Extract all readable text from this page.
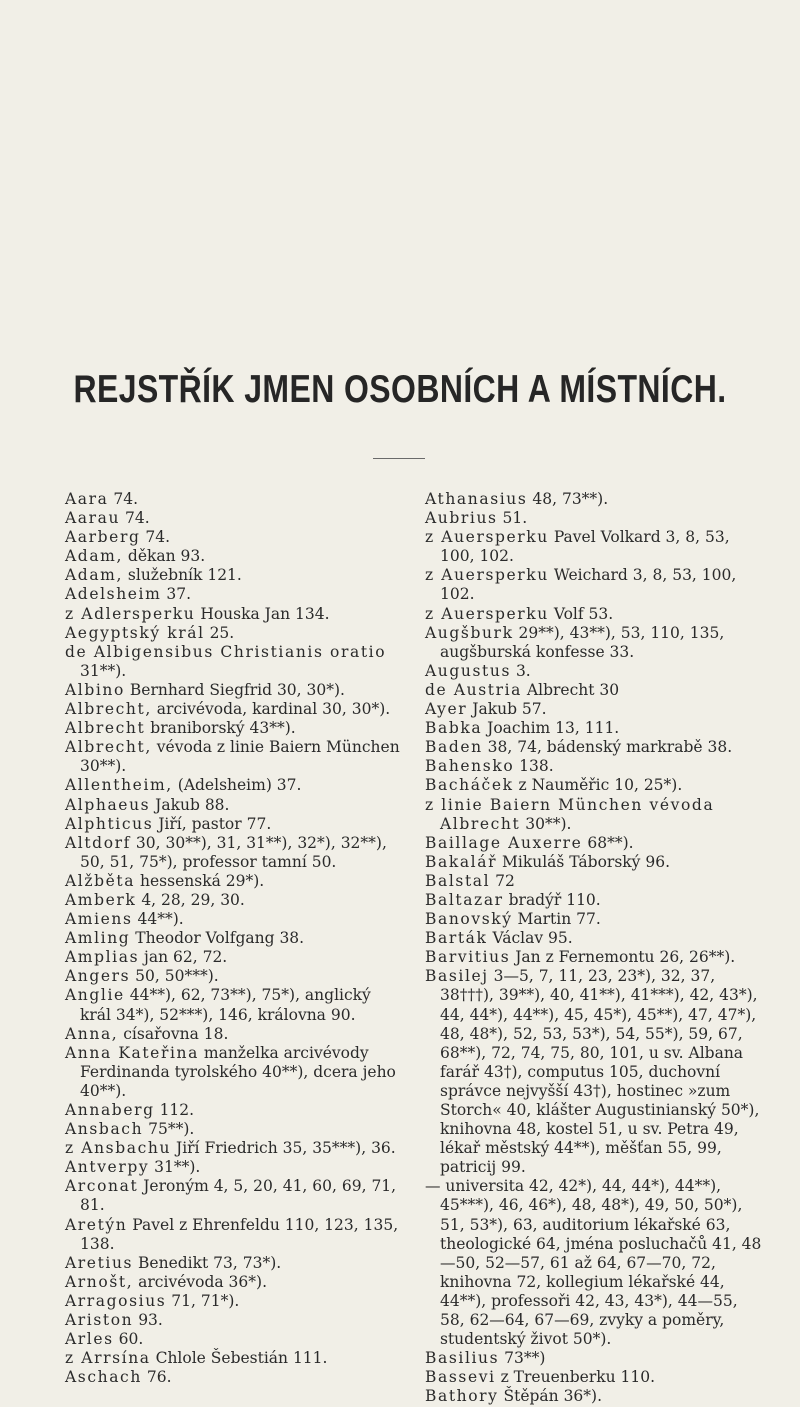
REJSTŘÍK JMEN OSOBNÍCH A MÍSTNÍCH.

Aara 74.

Aarau 74.

Aarberg 74.

Adam, děkan 93.

Adam, služebník 121.

Adelsheim 37.

z Adlersperku Houska Jan 134.

Aegyptský král 25.

de Albigensibus Christianis oratio 31**).

Albino Bernhard Siegfrid 30, 30*).

Albrecht, arcivévoda, kardinal 30, 30*).

Albrecht braniborský 43**).

Albrecht, vévoda z linie Baiern München 30**).

Allentheim, (Adelsheim) 37.

Alphaeus Jakub 88.

Alphticus Jiří, pastor 77.

Altdorf 30, 30**), 31, 31**), 32*), 32**), 50, 51, 75*), professor tamní 50.

Alžběta hessenská 29*).

Amberk 4, 28, 29, 30.

Amiens 44**).

Amling Theodor Volfgang 38.

Amplias jan 62, 72.

Angers 50, 50***).

Anglie 44**), 62, 73**), 75*), anglický král 34*), 52***), 146, královna 90.

Anna, císařovna 18.

Anna Kateřina manželka arcivévody Ferdinanda tyrolského 40**), dcera jeho 40**).

Annaberg 112.

Ansbach 75**).

z Ansbachu Jiří Friedrich 35, 35***), 36.

Antverpy 31**).

Arconat Jeroným 4, 5, 20, 41, 60, 69, 71, 81.

Aretýn Pavel z Ehrenfeldu 110, 123, 135, 138.

Aretius Benedikt 73, 73*).

Arnošt, arcivévoda 36*).

Arragosius 71, 71*).

Ariston 93.

Arles 60.

z Arrsína Chlole Šebestián 111.

Aschach 76.

Athanasius 48, 73**).

Aubrius 51.

z Auersperku Pavel Volkard 3, 8, 53, 100, 102.

z Auersperku Weichard 3, 8, 53, 100, 102.

z Auersperku Volf 53.

Augšburk 29**), 43**), 53, 110, 135, augšburská konfesse 33.

Augustus 3.

de Austria Albrecht 30

Ayer Jakub 57.

Babka Joachim 13, 111.

Baden 38, 74, bádenský markrabě 38.

Bahensko 138.

Bacháček z Nauměřic 10, 25*).

z linie Baiern München vévoda Albrecht 30**).

Baillage Auxerre 68**).

Bakalář Mikuláš Táborský 96.

Balstal 72

Baltazar bradýř 110.

Banovský Martin 77.

Barták Václav 95.

Barvitius Jan z Fernemontu 26, 26**).

Basilej 3—5, 7, 11, 23, 23*), 32, 37, 38†††), 39**), 40, 41**), 41***), 42, 43*), 44, 44*), 44**), 45, 45*), 45**), 47, 47*), 48, 48*), 52, 53, 53*), 54, 55*), 59, 67, 68**), 72, 74, 75, 80, 101, u sv. Albana farář 43†), computus 105, duchovní správce nejvyšší 43†), hostinec »zum Storch« 40, klášter Augustinianský 50*), knihovna 48, kostel 51, u sv. Petra 49, lékař městský 44**), měšťan 55, 99, patricij 99.

— universita 42, 42*), 44, 44*), 44**), 45***), 46, 46*), 48, 48*), 49, 50, 50*), 51, 53*), 63, auditorium lékařské 63, theologické 64, jména posluchačů 41, 48—50, 52—57, 61 až 64, 67—70, 72, knihovna 72, kollegium lékařské 44, 44**), professoři 42, 43, 43*), 44—55, 58, 62—64, 67—69, zvyky a poměry, studentský život 50*).

Basilius 73**)

Bassevi z Treuenberku 110.

Bathory Štěpán 36*).
